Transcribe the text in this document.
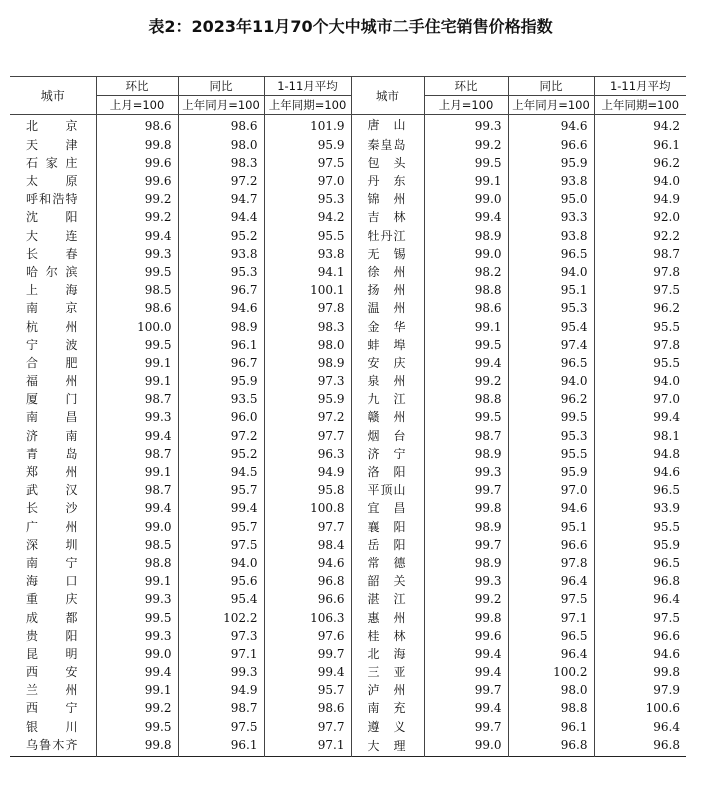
表2：2023年11月70个大中城市二手住宅销售价格指数
城市	环比	同比	1-11月平均	城市	环比	同比	1-11月平均
	上月=100	上年同月=100	上年同期=100		上月=100	上年同月=100	上年同期=100
北京	98.6	98.6	101.9	唐山	99.3	94.6	94.2
天津	99.8	98.0	95.9	秦皇岛	99.2	96.6	96.1
石家庄	99.6	98.3	97.5	包头	99.5	95.9	96.2
太原	99.6	97.2	97.0	丹东	99.1	93.8	94.0
呼和浩特	99.2	94.7	95.3	锦州	99.0	95.0	94.9
沈阳	99.2	94.4	94.2	吉林	99.4	93.3	92.0
大连	99.4	95.2	95.5	牡丹江	98.9	93.8	92.2
长春	99.3	93.8	93.8	无锡	99.0	96.5	98.7
哈尔滨	99.5	95.3	94.1	徐州	98.2	94.0	97.8
上海	98.5	96.7	100.1	扬州	98.8	95.1	97.5
南京	98.6	94.6	97.8	温州	98.6	95.3	96.2
杭州	100.0	98.9	98.3	金华	99.1	95.4	95.5
宁波	99.5	96.1	98.0	蚌埠	99.5	97.4	97.8
合肥	99.1	96.7	98.9	安庆	99.4	96.5	95.5
福州	99.1	95.9	97.3	泉州	99.2	94.0	94.0
厦门	98.7	93.5	95.9	九江	98.8	96.2	97.0
南昌	99.3	96.0	97.2	赣州	99.5	99.5	99.4
济南	99.4	97.2	97.7	烟台	98.7	95.3	98.1
青岛	98.7	95.2	96.3	济宁	98.9	95.5	94.8
郑州	99.1	94.5	94.9	洛阳	99.3	95.9	94.6
武汉	98.7	95.7	95.8	平顶山	99.7	97.0	96.5
长沙	99.4	99.4	100.8	宜昌	99.8	94.6	93.9
广州	99.0	95.7	97.7	襄阳	98.9	95.1	95.5
深圳	98.5	97.5	98.4	岳阳	99.7	96.6	95.9
南宁	98.8	94.0	94.6	常德	98.9	97.8	96.5
海口	99.1	95.6	96.8	韶关	99.3	96.4	96.8
重庆	99.3	95.4	96.6	湛江	99.2	97.5	96.4
成都	99.5	102.2	106.3	惠州	99.8	97.1	97.5
贵阳	99.3	97.3	97.6	桂林	99.6	96.5	96.6
昆明	99.0	97.1	99.7	北海	99.4	96.4	94.6
西安	99.4	99.3	99.4	三亚	99.4	100.2	99.8
兰州	99.1	94.9	95.7	泸州	99.7	98.0	97.9
西宁	99.2	98.7	98.6	南充	99.4	98.8	100.6
银川	99.5	97.5	97.7	遵义	99.7	96.1	96.4
乌鲁木齐	99.8	96.1	97.1	大理	99.0	96.8	96.8
